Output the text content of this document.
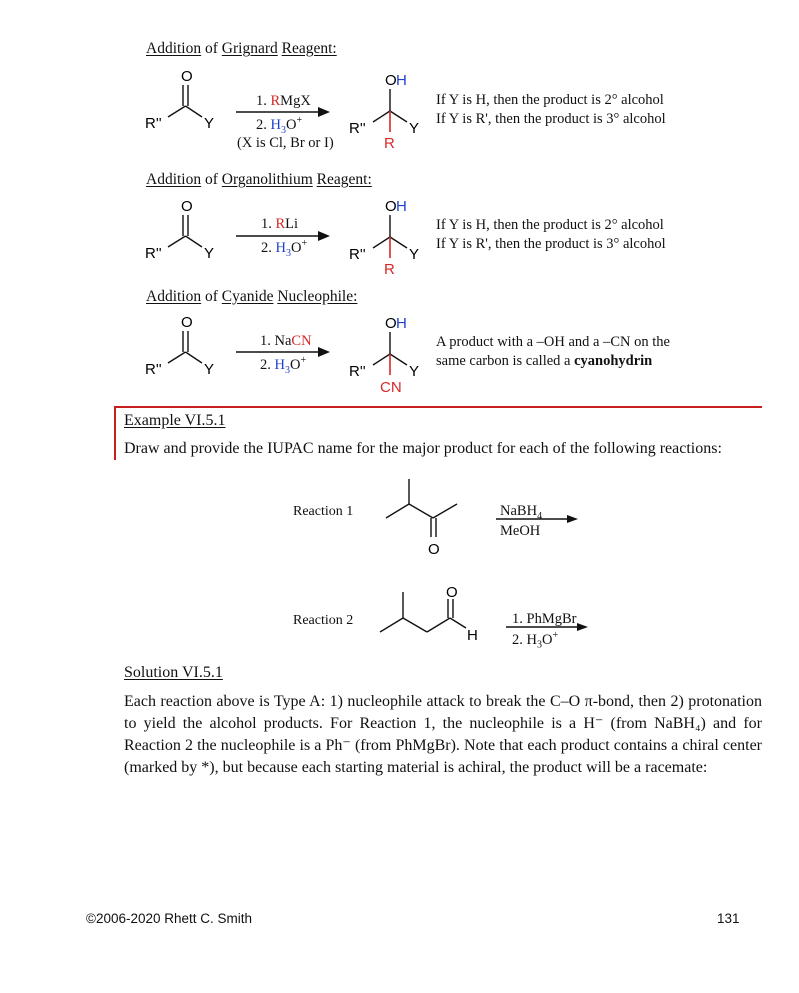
Addition of Grignard Reagent:
Addition of Organolithium Reagent:
Addition of Cyanide Nucleophile:
O
R''	Y
1. RMgX
2. $H_3O^+$
(X is Cl, Br or I)
O H
R''	Y
R
If Y is H, then the product is 2° alcohol
If Y is R', then the product is 3° alcohol
O
R''	Y
1. RLi
2. $H_3O^+$
O H
R''	Y
R
If Y is H, then the product is 2° alcohol
If Y is R', then the product is 3° alcohol
O
R''	Y
1. NaCN
2. $H_3O^+$
O H
R''	Y
CN
A product with a –OH and a –CN on the
same carbon is called a cyanohydrin
Example VI.5.1
Draw and provide the IUPAC name for the major product for each of the following reactions:
Reaction 1
O
NaBH$_4$
MeOH
Reaction 2
O
H
1. PhMgBr
2. $H_3O^+$
Solution VI.5.1
Each reaction above is Type A: 1) nucleophile attack to break the C–O π-bond, then 2) protonation to yield the alcohol products. For Reaction 1, the nucleophile is a H⁻ (from NaBH₄) and for Reaction 2 the nucleophile is a Ph⁻ (from PhMgBr). Note that each product contains a chiral center (marked by *), but because each starting material is achiral, the product will be a racemate:
©2006-2020 Rhett C. Smith	131
